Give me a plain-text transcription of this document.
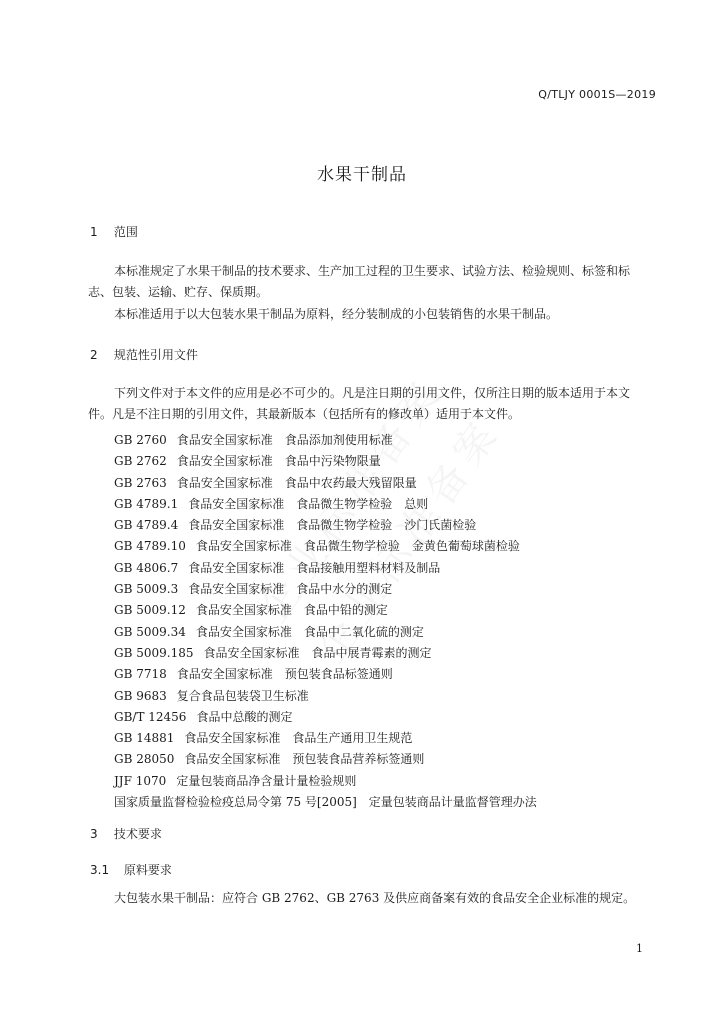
Q/TLJY 0001S—2019
水果干制品
1 范围
本标准规定了水果干制品的技术要求、生产加工过程的卫生要求、试验方法、检验规则、标签和标
志、包装、运输、贮存、保质期。
本标准适用于以大包装水果干制品为原料，经分装制成的小包装销售的水果干制品。
2 规范性引用文件
下列文件对于本文件的应用是必不可少的。凡是注日期的引用文件，仅所注日期的版本适用于本文
件。凡是不注日期的引用文件，其最新版本（包括所有的修改单）适用于本文件。
GB 2760 食品安全国家标准　食品添加剂使用标准
GB 2762 食品安全国家标准　食品中污染物限量
GB 2763 食品安全国家标准　食品中农药最大残留限量
GB 4789.1 食品安全国家标准　食品微生物学检验　总则
GB 4789.4 食品安全国家标准　食品微生物学检验　沙门氏菌检验
GB 4789.10 食品安全国家标准　食品微生物学检验　金黄色葡萄球菌检验
GB 4806.7 食品安全国家标准　食品接触用塑料材料及制品
GB 5009.3 食品安全国家标准　食品中水分的测定
GB 5009.12 食品安全国家标准　食品中铅的测定
GB 5009.34 食品安全国家标准　食品中二氧化硫的测定
GB 5009.185 食品安全国家标准　食品中展青霉素的测定
GB 7718 食品安全国家标准　预包装食品标签通则
GB 9683 复合食品包装袋卫生标准
GB/T 12456 食品中总酸的测定
GB 14881 食品安全国家标准　食品生产通用卫生规范
GB 28050 食品安全国家标准　预包装食品营养标签通则
JJF 1070 定量包装商品净含量计量检验规则
国家质量监督检验检疫总局令第 75 号[2005]　定量包装商品计量监督管理办法
3 技术要求
3.1 原料要求
大包装水果干制品：应符合 GB 2762、GB 2763 及供应商备案有效的食品安全企业标准的规定。
1
